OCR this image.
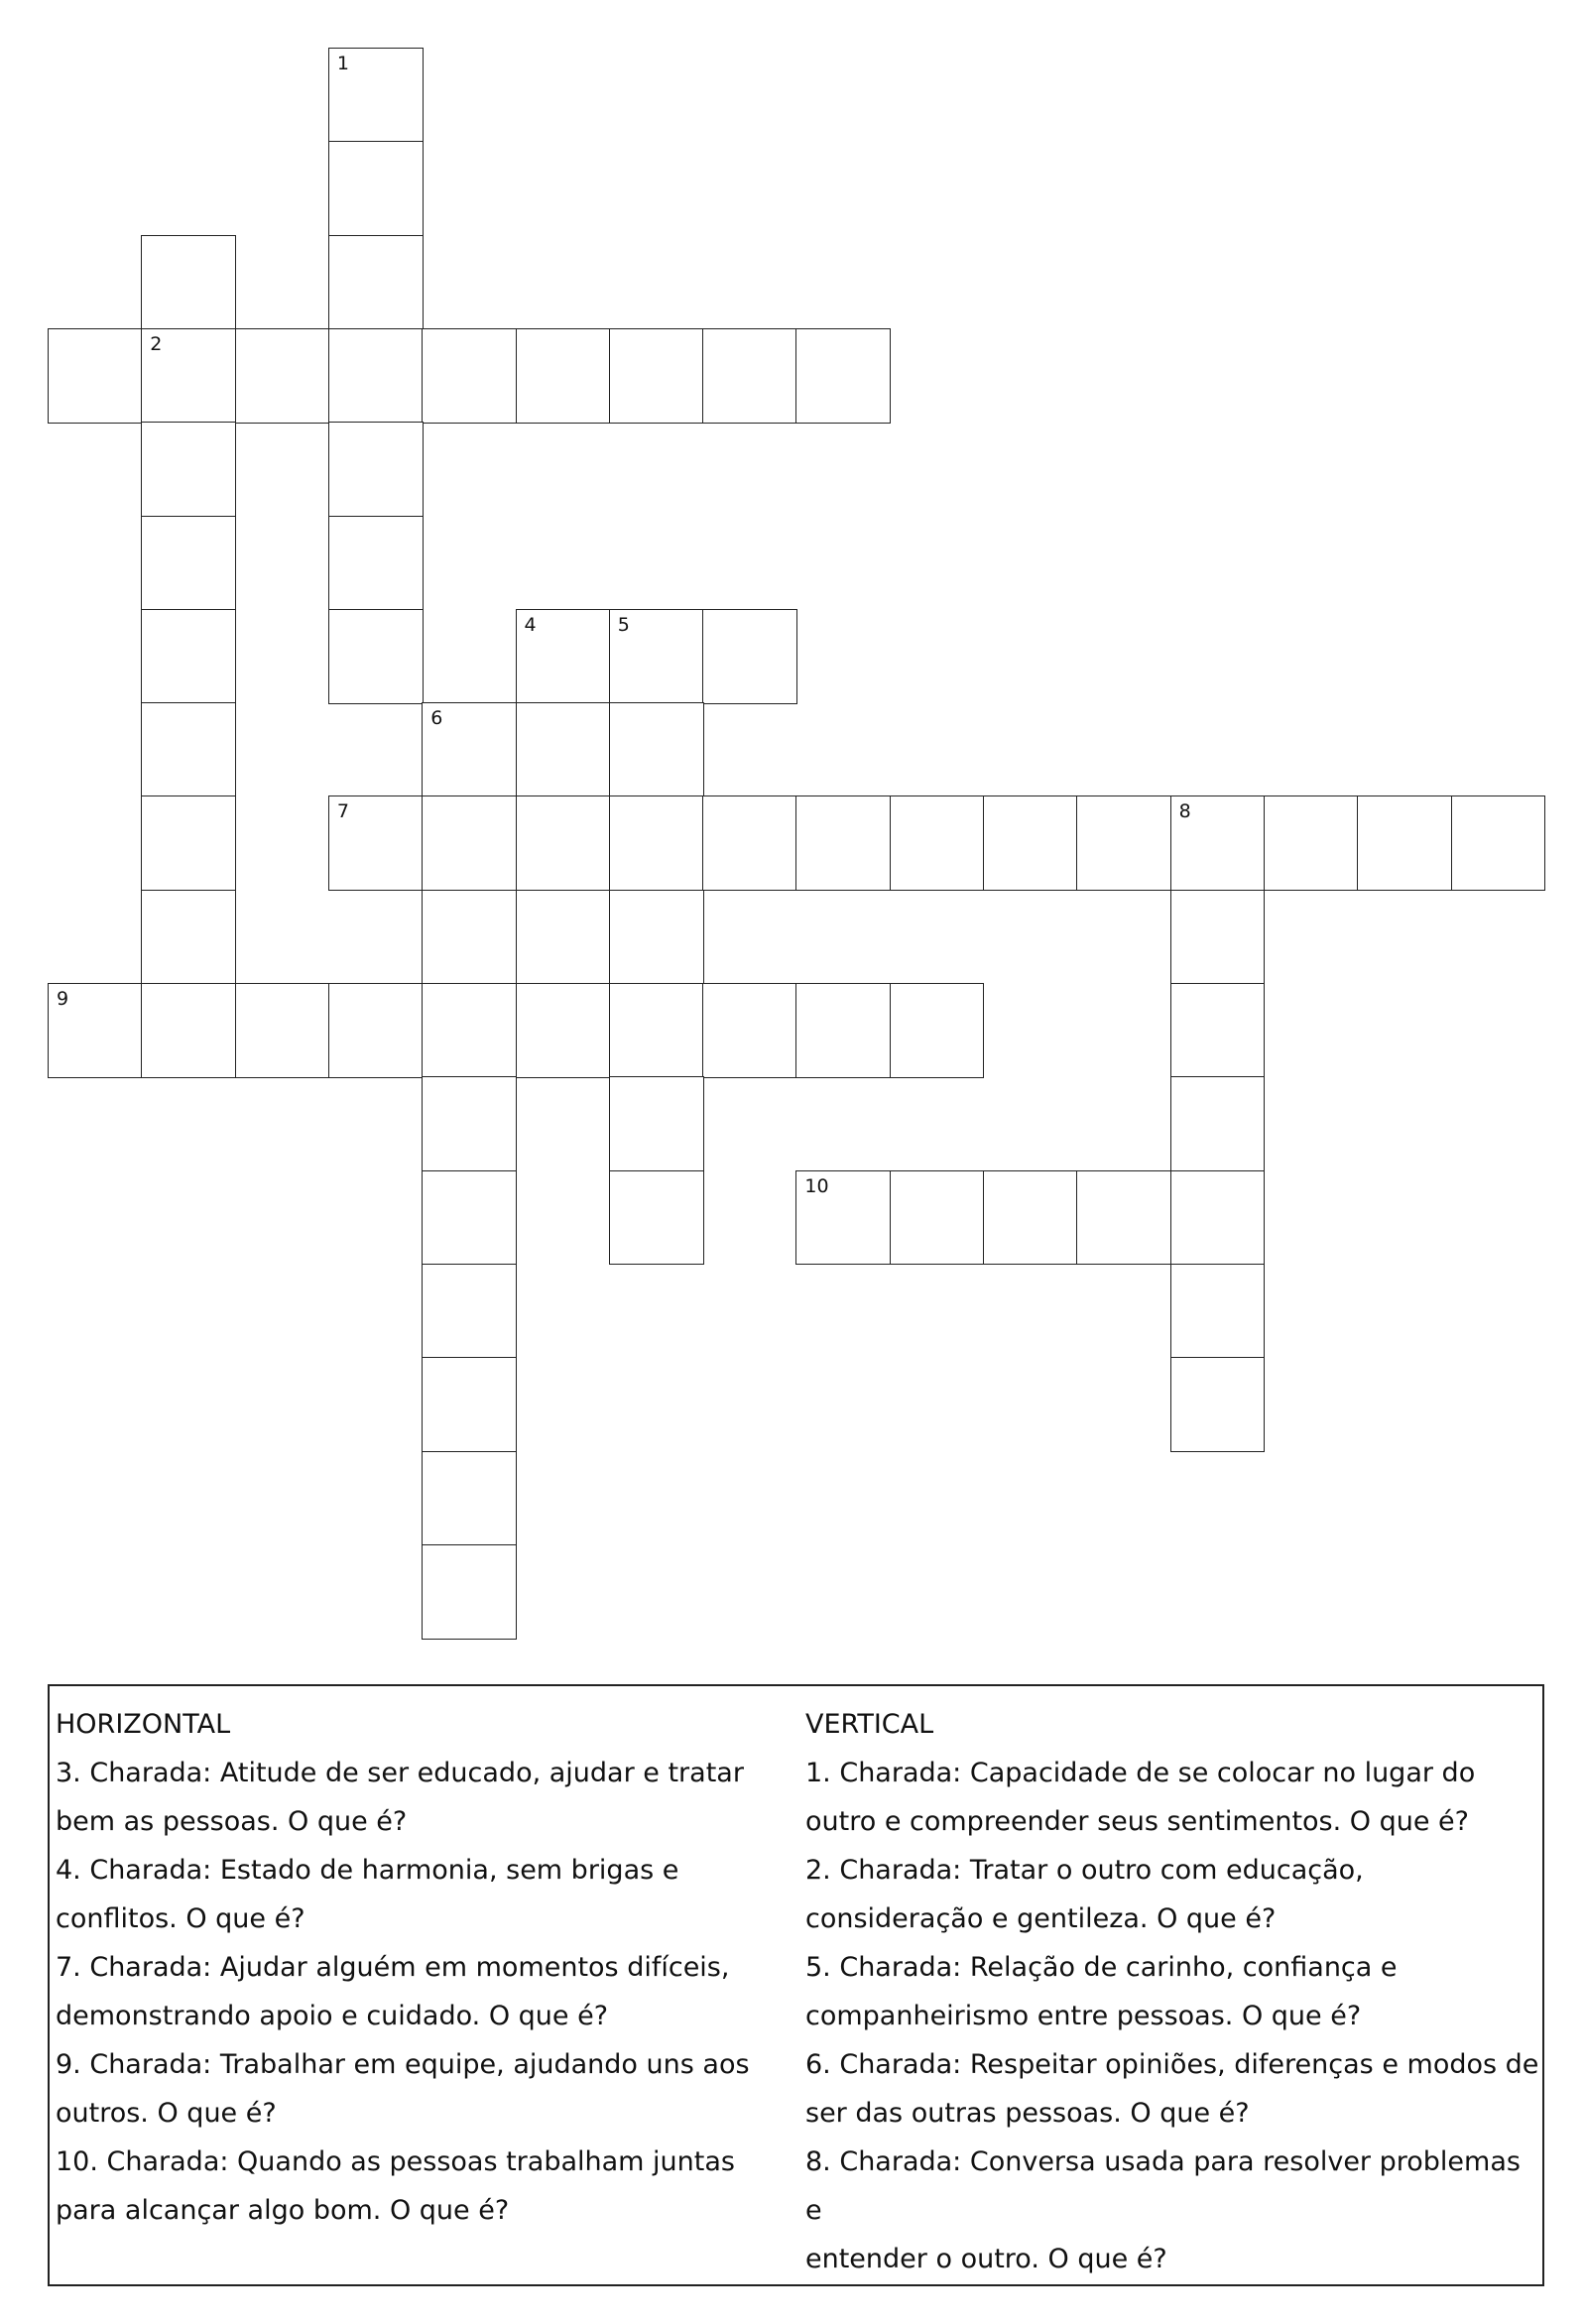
2
1
4	5
6
7	8
9
10
HORIZONTAL
3. Charada: Atitude de ser educado, ajudar e tratar
bem as pessoas. O que é?
4. Charada: Estado de harmonia, sem brigas e
conflitos. O que é?
7. Charada: Ajudar alguém em momentos difíceis,
demonstrando apoio e cuidado. O que é?
9. Charada: Trabalhar em equipe, ajudando uns aos
outros. O que é?
10. Charada: Quando as pessoas trabalham juntas
para alcançar algo bom. O que é?
VERTICAL
1. Charada: Capacidade de se colocar no lugar do
outro e compreender seus sentimentos. O que é?
2. Charada: Tratar o outro com educação,
consideração e gentileza. O que é?
5. Charada: Relação de carinho, confiança e
companheirismo entre pessoas. O que é?
6. Charada: Respeitar opiniões, diferenças e modos de
ser das outras pessoas. O que é?
8. Charada: Conversa usada para resolver problemas e
entender o outro. O que é?
